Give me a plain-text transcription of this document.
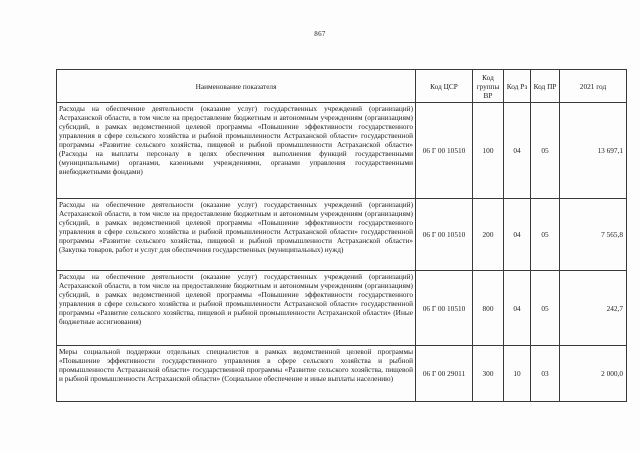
867
Наименование показателя	Код ЦСР	Код группы ВР	Код Рз	Код ПР	2021 год
Расходы на обеспечение деятельности (оказание услуг) государственных учреждений (организаций) Астраханской области, в том числе на предоставление бюджетным и автономным учреждениям (организациям) субсидий, в рамках ведомственной целевой программы «Повышение эффективности государственного управления в сфере сельского хозяйства и рыбной промышленности Астраханской области» государственной программы «Развитие сельского хозяйства, пищевой и рыбной промышленности Астраханской области» (Расходы на выплаты персоналу в целях обеспечения выполнения функций государственными (муниципальными) органами, казенными учреждениями, органами управления государственными внебюджетными фондами)	06 Г 00 10510	100	04	05	13 697,1
Расходы на обеспечение деятельности (оказание услуг) государственных учреждений (организаций) Астраханской области, в том числе на предоставление бюджетным и автономным учреждениям (организациям) субсидий, в рамках ведомственной целевой программы «Повышение эффективности государственного управления в сфере сельского хозяйства и рыбной промышленности Астраханской области» государственной программы «Развитие сельского хозяйства, пищевой и рыбной промышленности Астраханской области» (Закупка товаров, работ и услуг для обеспечения государственных (муниципальных) нужд)	06 Г 00 10510	200	04	05	7 565,8
Расходы на обеспечение деятельности (оказание услуг) государственных учреждений (организаций) Астраханской области, в том числе на предоставление бюджетным и автономным учреждениям (организациям) субсидий, в рамках ведомственной целевой программы «Повышение эффективности государственного управления в сфере сельского хозяйства и рыбной промышленности Астраханской области» государственной программы «Развитие сельского хозяйства, пищевой и рыбной промышленности Астраханской области» (Иные бюджетные ассигнования)	06 Г 00 10510	800	04	05	242,7
Меры социальной поддержки отдельных специалистов в рамках ведомственной целевой программы «Повышение эффективности государственного управления в сфере сельского хозяйства и рыбной промышленности Астраханской области» государственной программы «Развитие сельского хозяйства, пищевой и рыбной промышленности Астраханской области» (Социальное обеспечение и иные выплаты населению)	06 Г 00 29011	300	10	03	2 000,0
